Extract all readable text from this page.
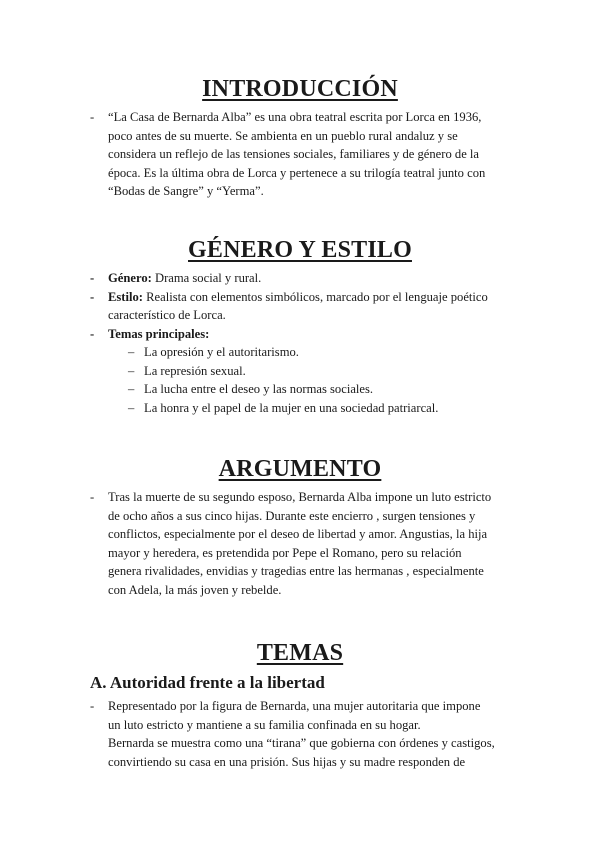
INTRODUCCIÓN
- “La Casa de Bernarda Alba” es una obra teatral escrita por Lorca en 1936,
poco antes de su muerte. Se ambienta en un pueblo rural andaluz y se
considera un reflejo de las tensiones sociales, familiares y de género de la
época. Es la última obra de Lorca y pertenece a su trilogía teatral junto con
“Bodas de Sangre” y “Yerma”.
GÉNERO Y ESTILO
- Género: Drama social y rural.
- Estilo: Realista con elementos simbólicos, marcado por el lenguaje poético
característico de Lorca.
- Temas principales:
– La opresión y el autoritarismo.
– La represión sexual.
– La lucha entre el deseo y las normas sociales.
– La honra y el papel de la mujer en una sociedad patriarcal.
ARGUMENTO
- Tras la muerte de su segundo esposo, Bernarda Alba impone un luto estricto
de ocho años a sus cinco hijas. Durante este encierro , surgen tensiones y
conflictos, especialmente por el deseo de libertad y amor. Angustias, la hija
mayor y heredera, es pretendida por Pepe el Romano, pero su relación
genera rivalidades, envidias y tragedias entre las hermanas , especialmente
con Adela, la más joven y rebelde.
TEMAS
A. Autoridad frente a la libertad
- Representado por la figura de Bernarda, una mujer autoritaria que impone
un luto estricto y mantiene a su familia confinada en su hogar.
Bernarda se muestra como una “tirana” que gobierna con órdenes y castigos,
convirtiendo su casa en una prisión. Sus hijas y su madre responden de
